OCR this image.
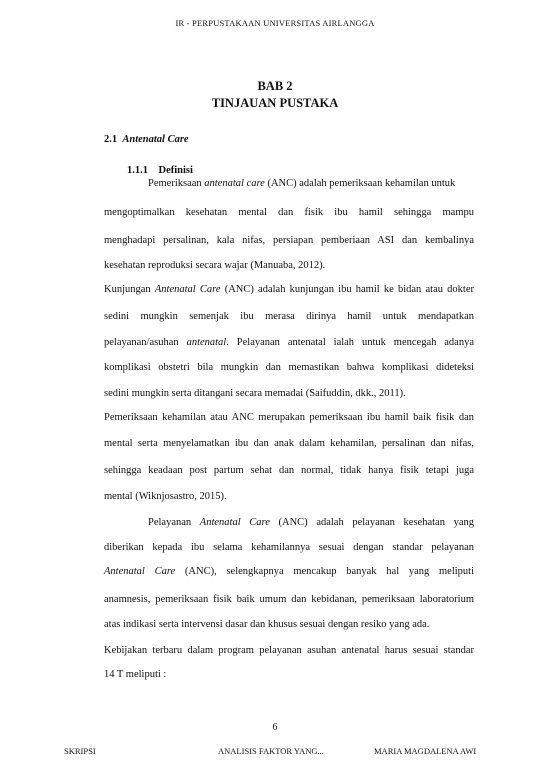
IR - PERPUSTAKAAN UNIVERSITAS AIRLANGGA
BAB 2
TINJAUAN PUSTAKA
2.1 Antenatal Care
1.1.1 Definisi
Pemeriksaan antenatal care (ANC) adalah pemeriksaan kehamilan untuk
mengoptimalkan kesehatan mental dan fisik ibu hamil sehingga mampu
menghadapi persalinan, kala nifas, persiapan pemberiaan ASI dan kembalinya
kesehatan reproduksi secara wajar (Manuaba, 2012).
Kunjungan Antenatal Care (ANC) adalah kunjungan ibu hamil ke bidan atau dokter
sedini mungkin semenjak ibu merasa dirinya hamil untuk mendapatkan
pelayanan/asuhan antenatal. Pelayanan antenatal ialah untuk mencegah adanya
komplikasi obstetri bila mungkin dan memastikan bahwa komplikasi dideteksi
sedini mungkin serta ditangani secara memadai (Saifuddin, dkk., 2011).
Pemeriksaan kehamilan atau ANC merupakan pemeriksaan ibu hamil baik fisik dan
mental serta menyelamatkan ibu dan anak dalam kehamilan, persalinan dan nifas,
sehingga keadaan post partum sehat dan normal, tidak hanya fisik tetapi juga
mental (Wiknjosastro, 2015).
Pelayanan Antenatal Care (ANC) adalah pelayanan kesehatan yang
diberikan kepada ibu selama kehamilannya sesuai dengan standar pelayanan
Antenatal Care (ANC), selengkapnya mencakup banyak hal yang meliputi
anamnesis, pemeriksaan fisik baik umum dan kebidanan, pemeriksaan laboratorium
atas indikasi serta intervensi dasar dan khusus sesuai dengan resiko yang ada.
Kebijakan terbaru dalam program pelayanan asuhan antenatal harus sesuai standar
14 T meliputi :
6
SKRIPSI	ANALISIS FAKTOR YANG...	MARIA MAGDALENA AWI
